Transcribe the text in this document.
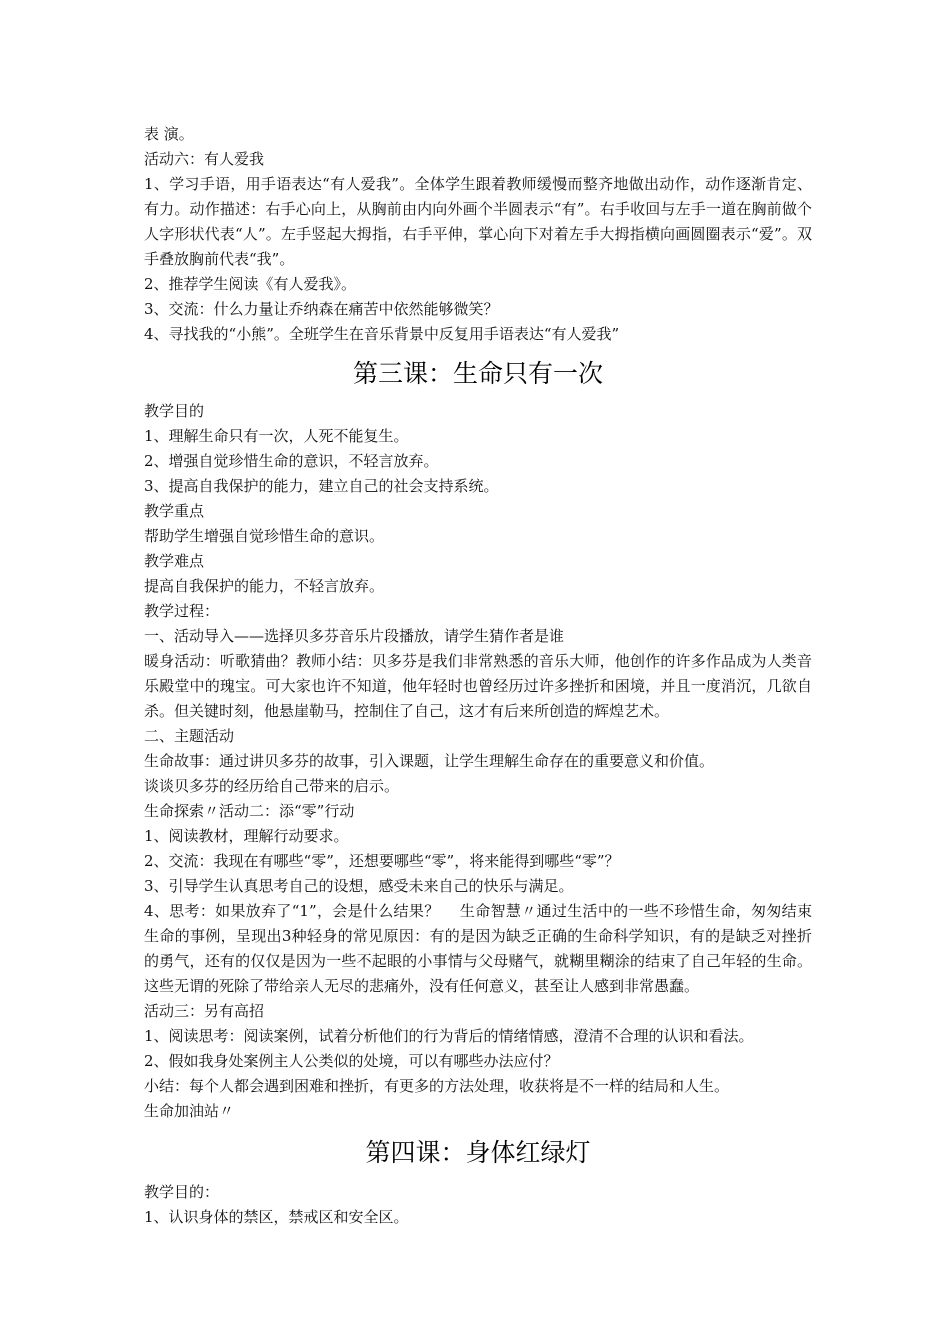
表 演。

活动六：有人爱我

1、学习手语，用手语表达“有人爱我”。全体学生跟着教师缓慢而整齐地做出动作，动作逐渐肯定、有力。动作描述：右手心向上，从胸前由内向外画个半圆表示“有”。右手收回与左手一道在胸前做个人字形状代表“人”。左手竖起大拇指，右手平伸，掌心向下对着左手大拇指横向画圆圈表示“爱”。双手叠放胸前代表“我”。

2、推荐学生阅读《有人爱我》。

3、交流：什么力量让乔纳森在痛苦中依然能够微笑？

4、寻找我的“小熊”。全班学生在音乐背景中反复用手语表达“有人爱我”

第三课：生命只有一次

教学目的

1、理解生命只有一次，人死不能复生。

2、增强自觉珍惜生命的意识，不轻言放弃。

3、提高自我保护的能力，建立自己的社会支持系统。

教学重点

帮助学生增强自觉珍惜生命的意识。

教学难点

提高自我保护的能力，不轻言放弃。

教学过程：

一、活动导入——选择贝多芬音乐片段播放，请学生猜作者是谁

暖身活动：听歌猜曲？教师小结：贝多芬是我们非常熟悉的音乐大师，他创作的许多作品成为人类音乐殿堂中的瑰宝。可大家也许不知道，他年轻时也曾经历过许多挫折和困境，并且一度消沉，几欲自杀。但关键时刻，他悬崖勒马，控制住了自己，这才有后来所创造的辉煌艺术。

二、主题活动

生命故事：通过讲贝多芬的故事，引入课题，让学生理解生命存在的重要意义和价值。

谈谈贝多芬的经历给自己带来的启示。

生命探索〃活动二：添“零”行动

1、阅读教材，理解行动要求。

2、交流：我现在有哪些“零”，还想要哪些“零”，将来能得到哪些“零”？

3、引导学生认真思考自己的设想，感受未来自己的快乐与满足。

4、思考：如果放弃了“1”，会是什么结果？　 生命智慧〃通过生活中的一些不珍惜生命，匆匆结束生命的事例，呈现出3种轻身的常见原因：有的是因为缺乏正确的生命科学知识，有的是缺乏对挫折的勇气，还有的仅仅是因为一些不起眼的小事情与父母赌气，就糊里糊涂的结束了自己年轻的生命。这些无谓的死除了带给亲人无尽的悲痛外，没有任何意义，甚至让人感到非常愚蠢。

活动三：另有高招

1、阅读思考：阅读案例，试着分析他们的行为背后的情绪情感，澄清不合理的认识和看法。

2、假如我身处案例主人公类似的处境，可以有哪些办法应付？

小结：每个人都会遇到困难和挫折，有更多的方法处理，收获将是不一样的结局和人生。

生命加油站〃

第四课：身体红绿灯

教学目的：

1、认识身体的禁区，禁戒区和安全区。
